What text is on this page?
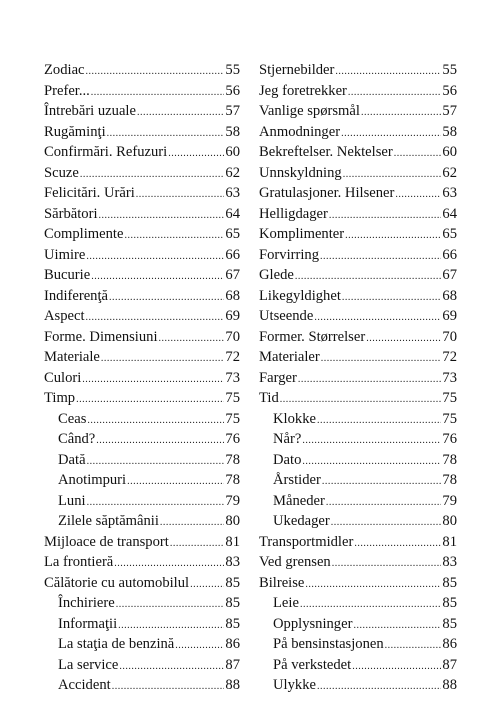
Zodiac .....	55
Prefer... .....	56
Întrebări uzuale .....	57
Rugăminţi .....	58
Confirmări. Refuzuri .....	60
Scuze .....	62
Felicitări. Urări .....	63
Sărbători .....	64
Complimente .....	65
Uimire .....	66
Bucurie .....	67
Indiferenţă .....	68
Aspect .....	69
Forme. Dimensiuni .....	70
Materiale .....	72
Culori .....	73
Timp .....	75
Ceas .....	75
Când? .....	76
Dată .....	78
Anotimpuri .....	78
Luni .....	79
Zilele săptămânii .....	80
Mijloace de transport .....	81
La frontieră .....	83
Călătorie cu automobilul ..... 85
Închiriere .....	85
Informaţii .....	85
La staţia de benzină .....	86
La service .....	87
Accident .....	88
Stjernebilder .....	55
Jeg foretrekker .....	56
Vanlige spørsmål .....	57
Anmodninger .....	58
Bekreftelser. Nektelser .....	60
Unnskyldning .....	62
Gratulasjoner. Hilsener .....	63
Helligdager .....	64
Komplimenter .....	65
Forvirring .....	66
Glede .....	67
Likegyldighet .....	68
Utseende .....	69
Former. Størrelser .....	70
Materialer .....	72
Farger .....	73
Tid .....	75
Klokke .....	75
Når? .....	76
Dato .....	78
Årstider .....	78
Måneder .....	79
Ukedager .....	80
Transportmidler .....	81
Ved grensen .....	83
Bilreise .....	85
Leie .....	85
Opplysninger .....	85
På bensinstasjonen .....	86
På verkstedet .....	87
Ulykke .....	88
